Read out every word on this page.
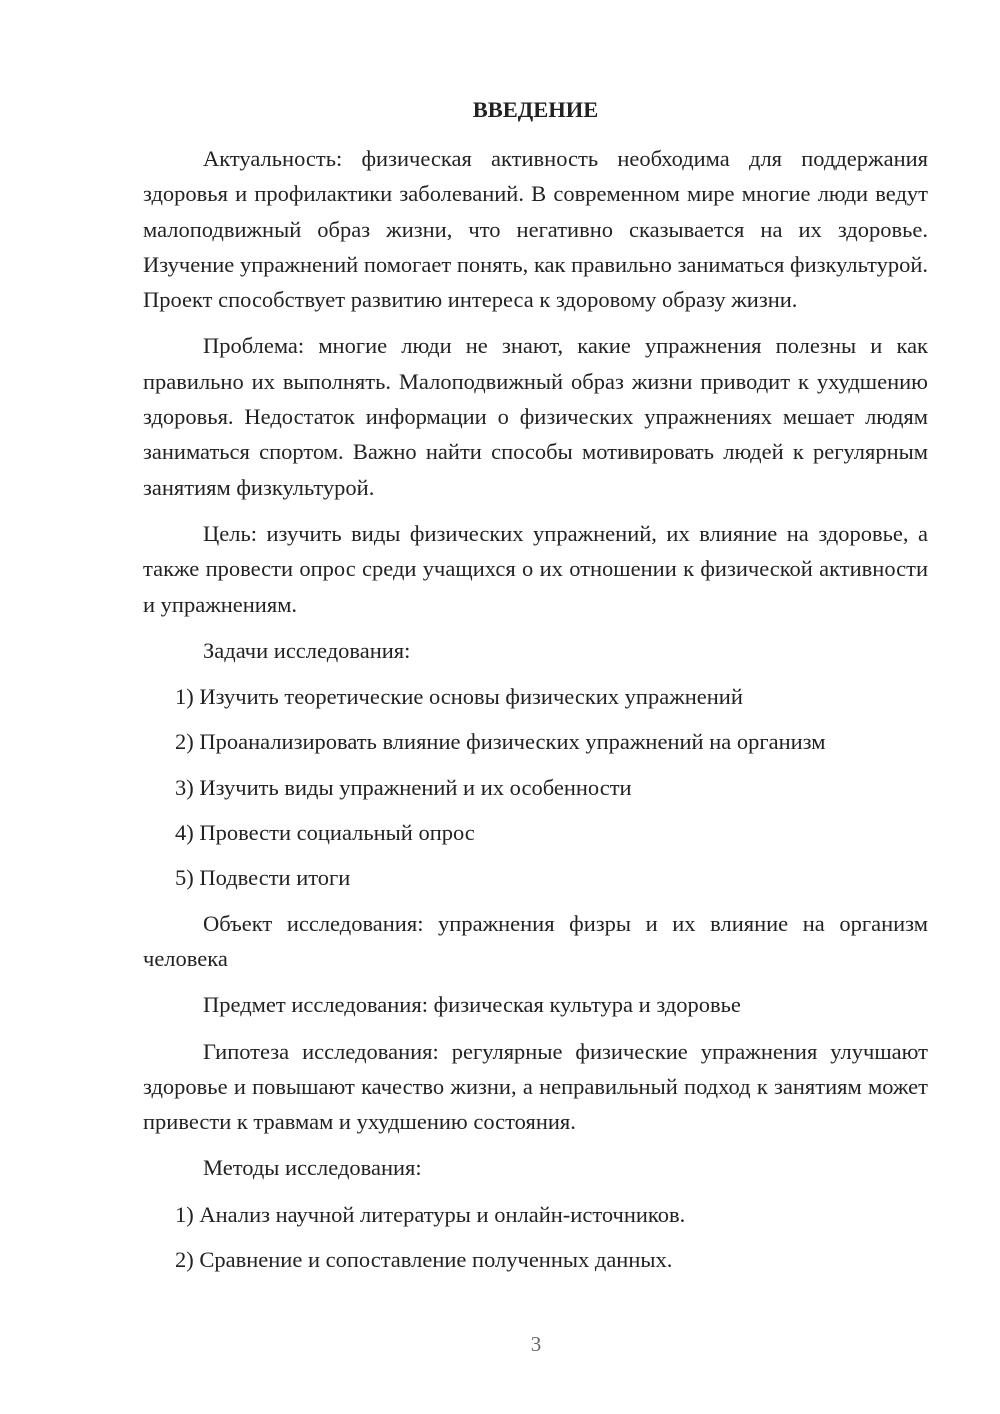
ВВЕДЕНИЕ

Актуальность: физическая активность необходима для поддержания здоровья и профилактики заболеваний. В современном мире многие люди ведут малоподвижный образ жизни, что негативно сказывается на их здоровье. Изучение упражнений помогает понять, как правильно заниматься физкультурой. Проект способствует развитию интереса к здоровому образу жизни.

Проблема: многие люди не знают, какие упражнения полезны и как правильно их выполнять. Малоподвижный образ жизни приводит к ухудшению здоровья. Недостаток информации о физических упражнениях мешает людям заниматься спортом. Важно найти способы мотивировать людей к регулярным занятиям физкультурой.

Цель: изучить виды физических упражнений, их влияние на здоровье, а также провести опрос среди учащихся о их отношении к физической активности и упражнениям.

Задачи исследования:

1) Изучить теоретические основы физических упражнений
2) Проанализировать влияние физических упражнений на организм
3) Изучить виды упражнений и их особенности
4) Провести социальный опрос
5) Подвести итоги

Объект исследования: упражнения физры и их влияние на организм человека

Предмет исследования: физическая культура и здоровье

Гипотеза исследования: регулярные физические упражнения улучшают здоровье и повышают качество жизни, а неправильный подход к занятиям может привести к травмам и ухудшению состояния.

Методы исследования:

1) Анализ научной литературы и онлайн-источников.
2) Сравнение и сопоставление полученных данных.
3
